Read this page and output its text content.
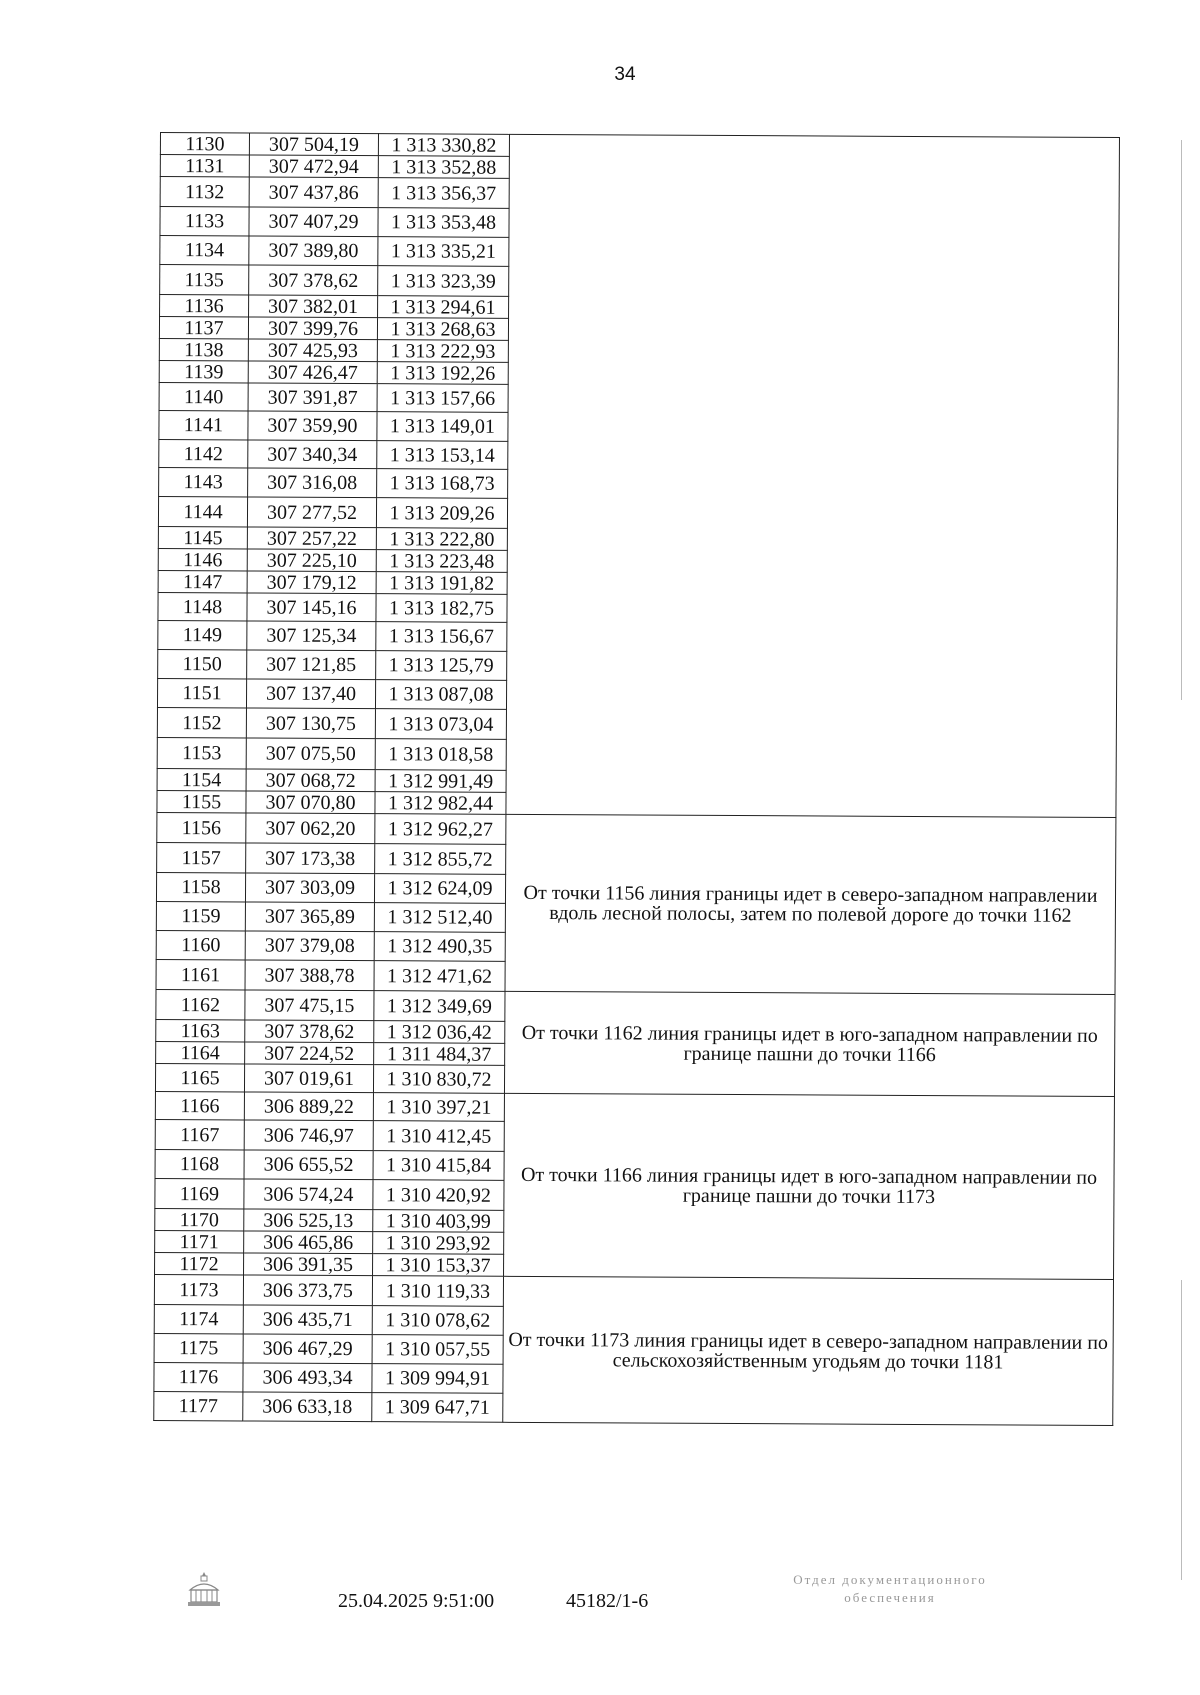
34
1130	307 504,19	1 313 330,82	
1131	307 472,94	1 313 352,88	
1132	307 437,86	1 313 356,37	
1133	307 407,29	1 313 353,48	
1134	307 389,80	1 313 335,21	
1135	307 378,62	1 313 323,39	
1136	307 382,01	1 313 294,61	
1137	307 399,76	1 313 268,63	
1138	307 425,93	1 313 222,93	
1139	307 426,47	1 313 192,26	
1140	307 391,87	1 313 157,66	
1141	307 359,90	1 313 149,01	
1142	307 340,34	1 313 153,14	
1143	307 316,08	1 313 168,73	
1144	307 277,52	1 313 209,26	
1145	307 257,22	1 313 222,80	
1146	307 225,10	1 313 223,48	
1147	307 179,12	1 313 191,82	
1148	307 145,16	1 313 182,75	
1149	307 125,34	1 313 156,67	
1150	307 121,85	1 313 125,79	
1151	307 137,40	1 313 087,08	
1152	307 130,75	1 313 073,04	
1153	307 075,50	1 313 018,58	
1154	307 068,72	1 312 991,49	
1155	307 070,80	1 312 982,44	
1156	307 062,20	1 312 962,27	От точки 1156 линия границы идет в северо-западном направлении вдоль лесной полосы, затем по полевой дороге до точки 1162
1157	307 173,38	1 312 855,72	
1158	307 303,09	1 312 624,09	
1159	307 365,89	1 312 512,40	
1160	307 379,08	1 312 490,35	
1161	307 388,78	1 312 471,62	
1162	307 475,15	1 312 349,69	От точки 1162 линия границы идет в юго-западном направлении по границе пашни до точки 1166
1163	307 378,62	1 312 036,42	
1164	307 224,52	1 311 484,37	
1165	307 019,61	1 310 830,72	
1166	306 889,22	1 310 397,21	От точки 1166 линия границы идет в юго-западном направлении по границе пашни до точки 1173
1167	306 746,97	1 310 412,45	
1168	306 655,52	1 310 415,84	
1169	306 574,24	1 310 420,92	
1170	306 525,13	1 310 403,99	
1171	306 465,86	1 310 293,92	
1172	306 391,35	1 310 153,37	
1173	306 373,75	1 310 119,33	От точки 1173 линия границы идет в северо-западном направлении по сельскохозяйственным угодьям до точки 1181
1174	306 435,71	1 310 078,62	
1175	306 467,29	1 310 057,55	
1176	306 493,34	1 309 994,91	
1177	306 633,18	1 309 647,71	
25.04.2025 9:51:00	45182/1-6
Отдел документационного
обеспечения
